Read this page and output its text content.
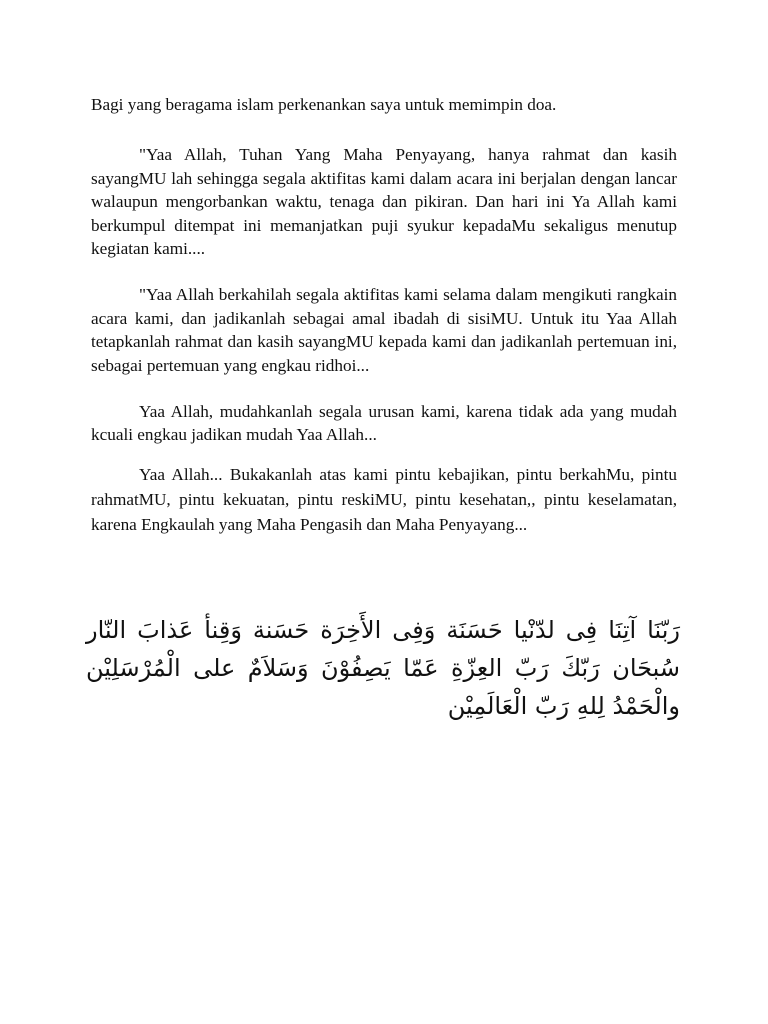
Bagi yang beragama islam perkenankan saya untuk memimpin doa.

"Yaa Allah, Tuhan Yang Maha Penyayang, hanya rahmat dan kasih sayangMU lah sehingga segala aktifitas kami dalam acara ini berjalan dengan lancar walaupun mengorbankan waktu, tenaga dan pikiran. Dan hari ini Ya Allah kami berkumpul ditempat ini memanjatkan puji syukur kepadaMu sekaligus menutup kegiatan kami....

"Yaa Allah berkahilah segala aktifitas kami selama dalam mengikuti rangkain acara kami, dan jadikanlah sebagai amal ibadah di sisiMU. Untuk itu Yaa Allah tetapkanlah rahmat dan kasih sayangMU kepada kami dan jadikanlah pertemuan ini, sebagai pertemuan yang engkau ridhoi...

Yaa Allah, mudahkanlah segala urusan kami, karena tidak ada yang mudah kcuali engkau jadikan mudah Yaa Allah...

Yaa Allah... Bukakanlah atas kami pintu kebajikan, pintu berkahMu, pintu rahmatMU, pintu kekuatan, pintu reskiMU, pintu kesehatan,, pintu keselamatan, karena Engkaulah yang Maha Pengasih dan Maha Penyayang...

رَبّنَا آتِنَا فِى لدّنْيا حَسَنَة وَفِى الأَخِرَة حَسَنة وَقِنأ عَذابَ النّار
سُبحَان رَبّكَ رَبّ العِزّةِ عَمّا يَصِفُوْنَ وَسَلاَمٌ على الْمُرْسَلِيْن
والْحَمْدُ لِلهِ رَبّ الْعَالَمِيْن
